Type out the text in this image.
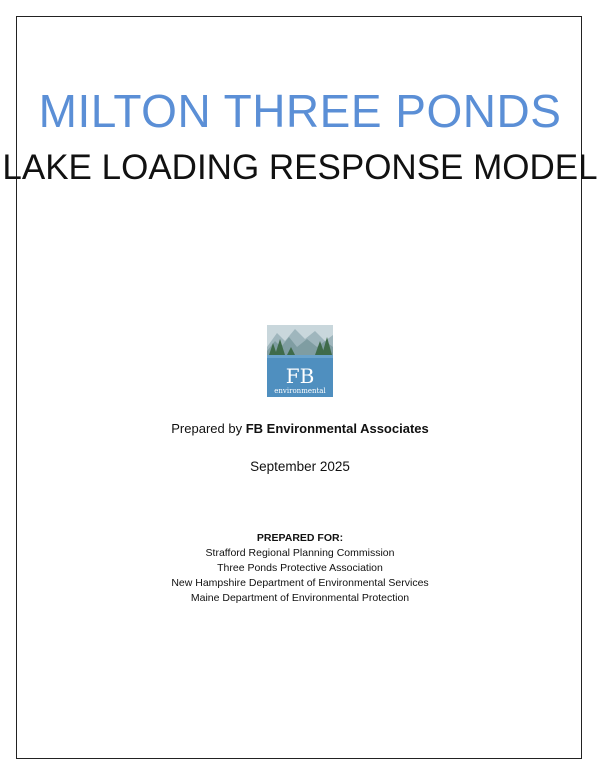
MILTON THREE PONDS
LAKE LOADING RESPONSE MODEL
FB
environmental
Prepared by FB Environmental Associates
September 2025
PREPARED FOR:
Strafford Regional Planning Commission
Three Ponds Protective Association
New Hampshire Department of Environmental Services
Maine Department of Environmental Protection
